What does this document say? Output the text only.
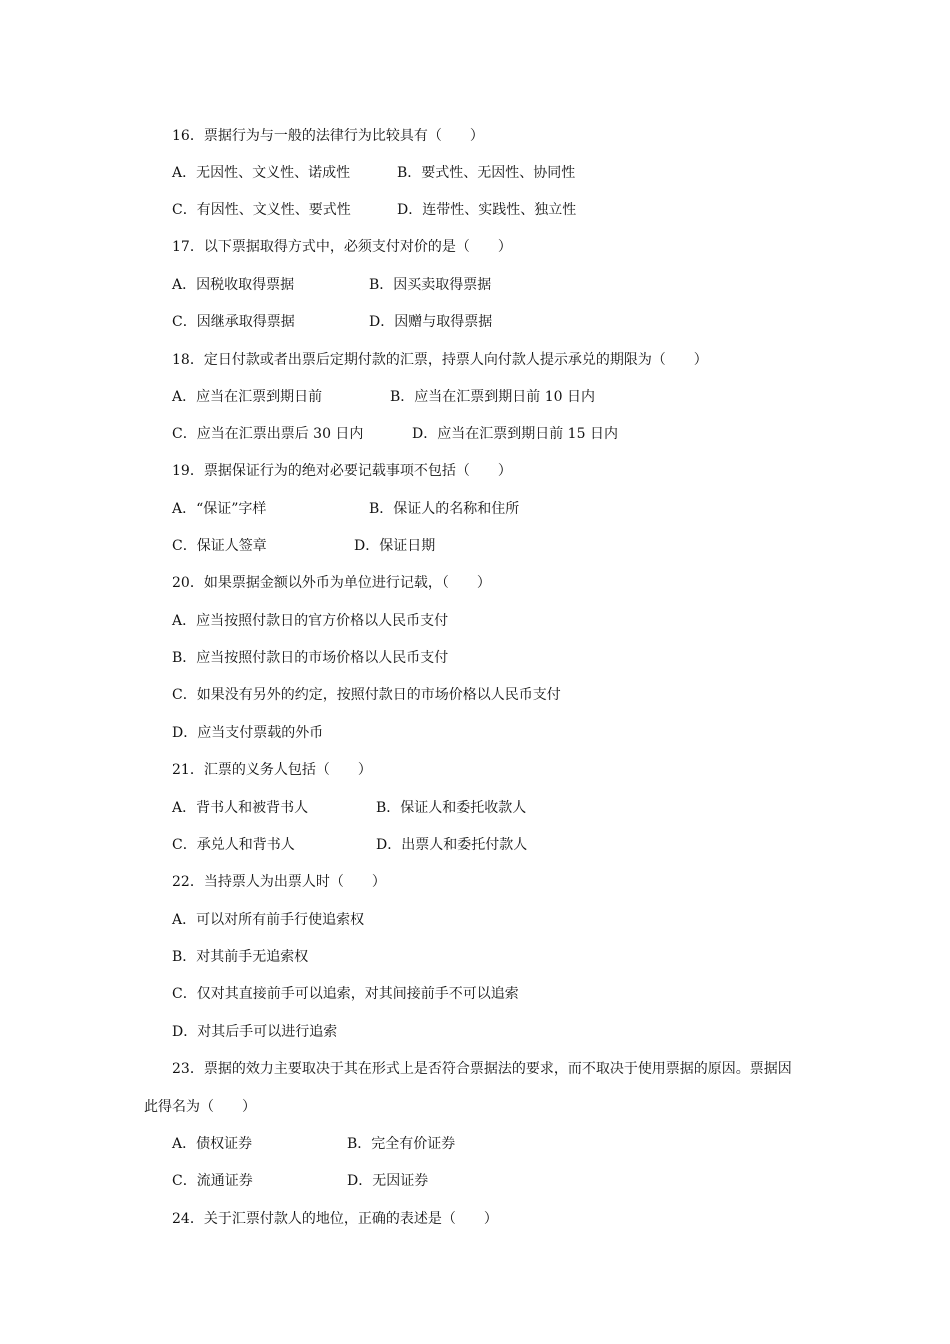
16．票据行为与一般的法律行为比较具有（　　）
A．无因性、文义性、诺成性	B．要式性、无因性、协同性
C．有因性、文义性、要式性	D．连带性、实践性、独立性
17．以下票据取得方式中，必须支付对价的是（　　）
A．因税收取得票据	B．因买卖取得票据
C．因继承取得票据	D．因赠与取得票据
18．定日付款或者出票后定期付款的汇票，持票人向付款人提示承兑的期限为（　　）
A．应当在汇票到期日前	B．应当在汇票到期日前 10 日内
C．应当在汇票出票后 30 日内	D．应当在汇票到期日前 15 日内
19．票据保证行为的绝对必要记载事项不包括（　　）
A．“保证”字样	B．保证人的名称和住所
C．保证人签章	D．保证日期
20．如果票据金额以外币为单位进行记载，（　　）
A．应当按照付款日的官方价格以人民币支付
B．应当按照付款日的市场价格以人民币支付
C．如果没有另外的约定，按照付款日的市场价格以人民币支付
D．应当支付票载的外币
21．汇票的义务人包括（　　）
A．背书人和被背书人	B．保证人和委托收款人
C．承兑人和背书人	D．出票人和委托付款人
22．当持票人为出票人时（　　）
A．可以对所有前手行使追索权
B．对其前手无追索权
C．仅对其直接前手可以追索，对其间接前手不可以追索
D．对其后手可以进行追索
23．票据的效力主要取决于其在形式上是否符合票据法的要求，而不取决于使用票据的原因。票据因
此得名为（　　）
A．债权证券	B．完全有价证券
C．流通证券	D．无因证券
24．关于汇票付款人的地位，正确的表述是（　　）
